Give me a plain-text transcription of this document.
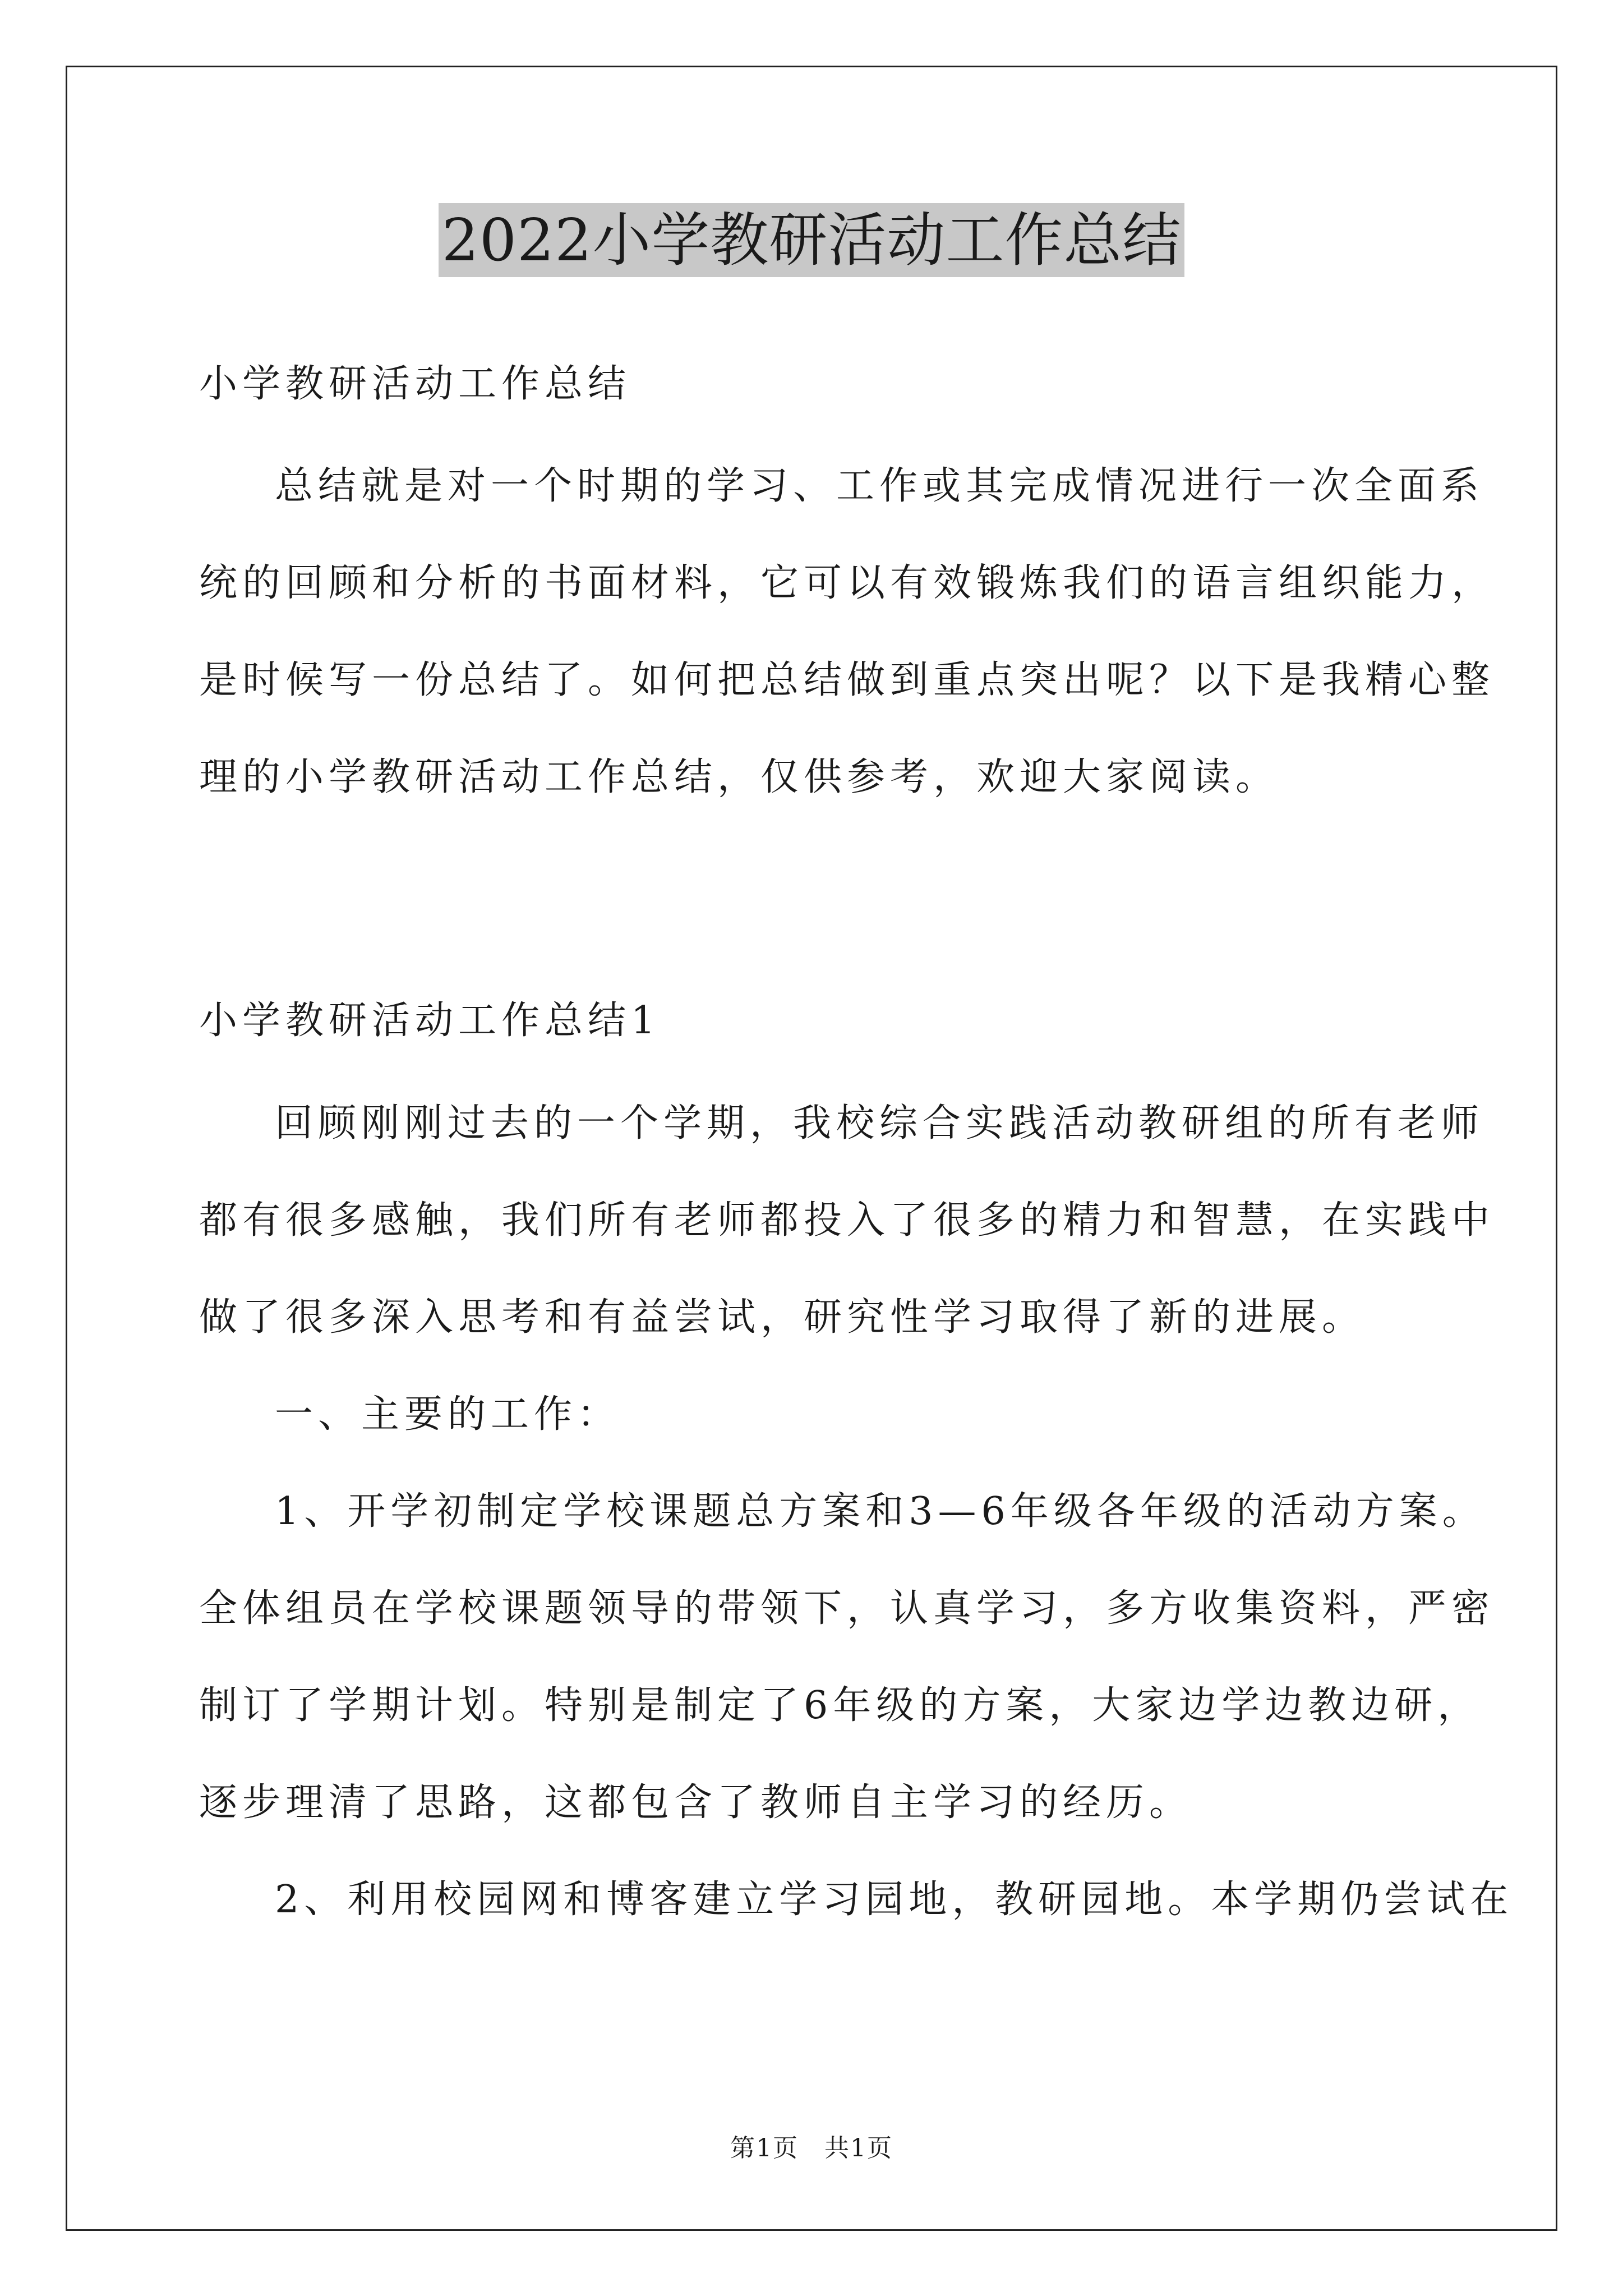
2022小学教研活动工作总结
小学教研活动工作总结
总结就是对一个时期的学习、工作或其完成情况进行一次全面系
统的回顾和分析的书面材料，它可以有效锻炼我们的语言组织能力，
是时候写一份总结了。如何把总结做到重点突出呢？以下是我精心整
理的小学教研活动工作总结，仅供参考，欢迎大家阅读。
小学教研活动工作总结1
回顾刚刚过去的一个学期，我校综合实践活动教研组的所有老师
都有很多感触，我们所有老师都投入了很多的精力和智慧，在实践中
做了很多深入思考和有益尝试，研究性学习取得了新的进展。
一、主要的工作：
1、开学初制定学校课题总方案和3—6年级各年级的活动方案。
全体组员在学校课题领导的带领下，认真学习，多方收集资料，严密
制订了学期计划。特别是制定了6年级的方案，大家边学边教边研，
逐步理清了思路，这都包含了教师自主学习的经历。
2、利用校园网和博客建立学习园地，教研园地。本学期仍尝试在
第1页　共1页
